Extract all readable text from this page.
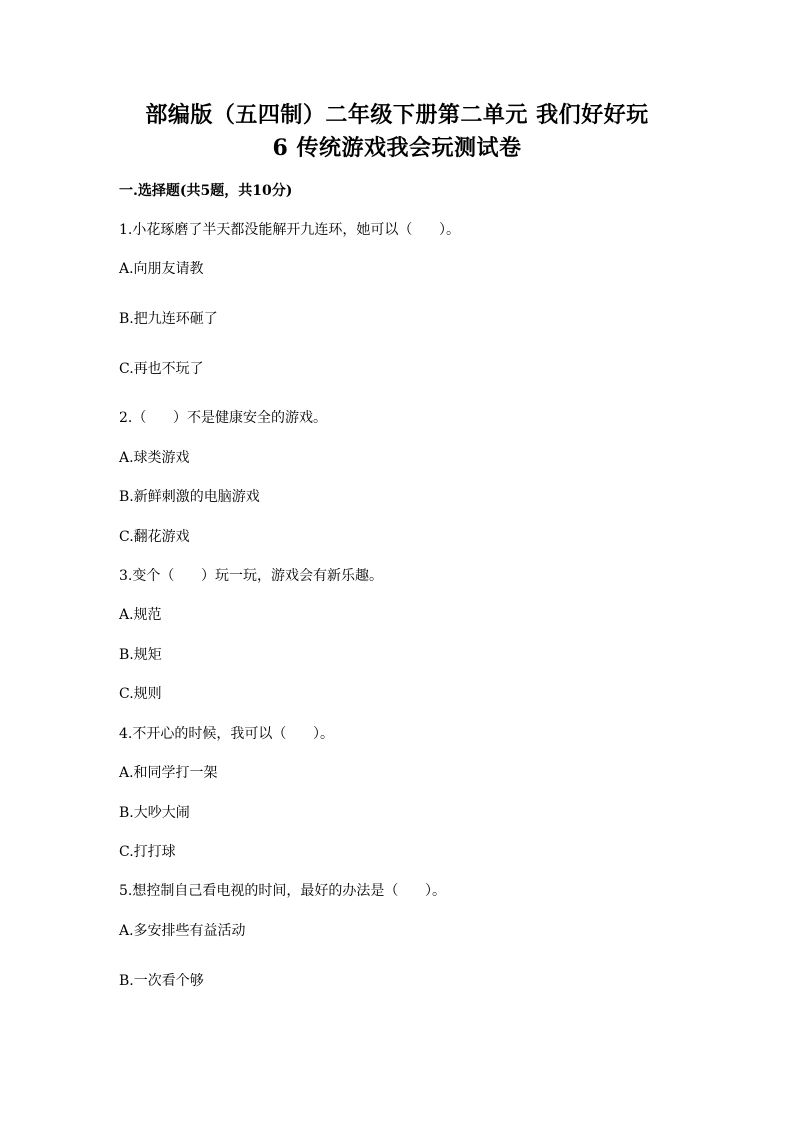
部编版（五四制）二年级下册第二单元 我们好好玩
6 传统游戏我会玩测试卷
一.选择题(共5题，共10分)
1.小花琢磨了半天都没能解开九连环，她可以（      ）。
A.向朋友请教
B.把九连环砸了
C.再也不玩了
2.（      ）不是健康安全的游戏。
A.球类游戏
B.新鲜刺激的电脑游戏
C.翻花游戏
3.变个（      ）玩一玩，游戏会有新乐趣。
A.规范
B.规矩
C.规则
4.不开心的时候，我可以（      ）。
A.和同学打一架
B.大吵大闹
C.打打球
5.想控制自己看电视的时间，最好的办法是（      ）。
A.多安排些有益活动
B.一次看个够
